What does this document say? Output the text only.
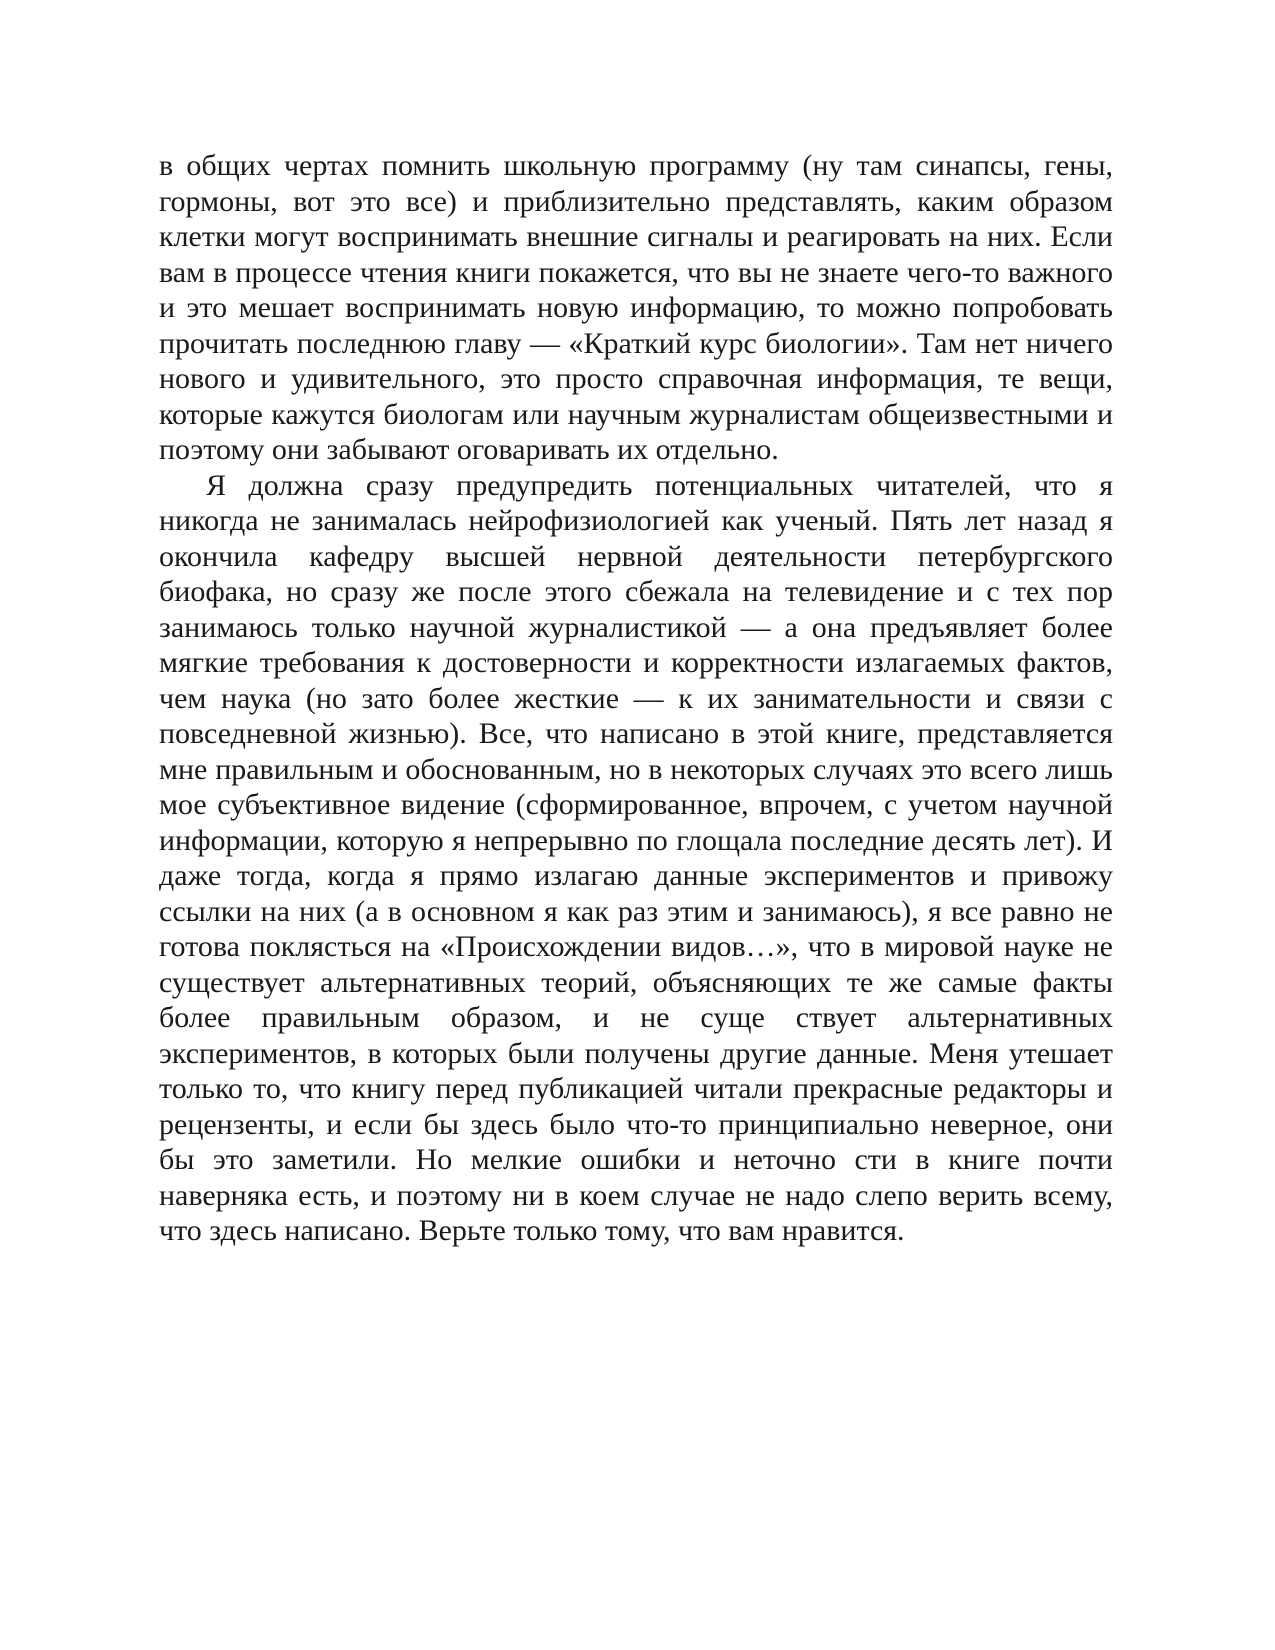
в общих чертах помнить школьную программу (ну там синапсы, гены, гормоны, вот это все) и приблизительно представлять, каким образом клетки могут воспринимать внешние сигналы и реагировать на них. Если вам в процессе чтения книги покажется, что вы не знаете чего-то важного и это мешает воспринимать новую информацию, то можно попробовать прочитать последнюю главу — «Краткий курс биологии». Там нет ничего нового и удивительного, это просто справочная информация, те вещи, которые кажутся биологам или научным журналистам общеизвестными и поэтому они забывают оговаривать их отдельно.

Я должна сразу предупредить потенциальных читателей, что я никогда не занималась нейрофизиологией как ученый. Пять лет назад я окончила кафедру высшей нервной деятельности петербургского биофака, но сразу же после этого сбежала на телевидение и с тех пор занимаюсь только научной журналистикой — а она предъявляет более мягкие требования к достоверности и корректности излагаемых фактов, чем наука (но зато более жесткие — к их занимательности и связи с повседневной жизнью). Все, что написано в этой книге, представляется мне правильным и обоснованным, но в некоторых случаях это всего лишь мое субъективное видение (сформированное, впрочем, с учетом научной информации, которую я непрерывно по глощала последние десять лет). И даже тогда, когда я прямо излагаю данные экспериментов и привожу ссылки на них (а в основном я как раз этим и занимаюсь), я все равно не готова поклясться на «Происхождении видов…», что в мировой науке не существует альтернативных теорий, объясняющих те же самые факты более правильным образом, и не суще ствует альтернативных экспериментов, в которых были получены другие данные. Меня утешает только то, что книгу перед публикацией читали прекрасные редакторы и рецензенты, и если бы здесь было что-то принципиально неверное, они бы это заметили. Но мелкие ошибки и неточно сти в книге почти наверняка есть, и поэтому ни в коем случае не надо слепо верить всему, что здесь написано. Верьте только тому, что вам нравится.
